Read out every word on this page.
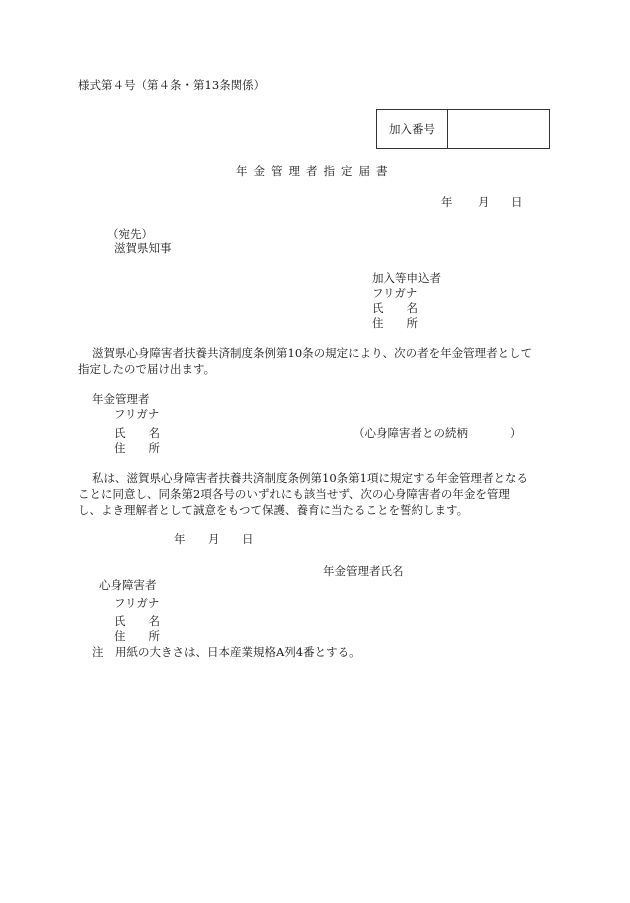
様式第４号（第４条・第13条関係）
加入番号
年金管理者指定届書
年 月 日
（宛先）
滋賀県知事
加入等申込者
フリガナ
氏　　名
住　　所
滋賀県心身障害者扶養共済制度条例第10条の規定により、次の者を年金管理者として
指定したので届け出ます。
年金管理者
フリガナ
氏　　名	（心身障害者との続柄	）
住　　所
私は、滋賀県心身障害者扶養共済制度条例第10条第1項に規定する年金管理者となる
ことに同意し、同条第2項各号のいずれにも該当せず、次の心身障害者の年金を管理
し、よき理解者として誠意をもつて保護、養育に当たることを誓約します。
年 月 日
年金管理者氏名
心身障害者
フリガナ
氏　　名
住　　所
注　用紙の大きさは、日本産業規格A列4番とする。
